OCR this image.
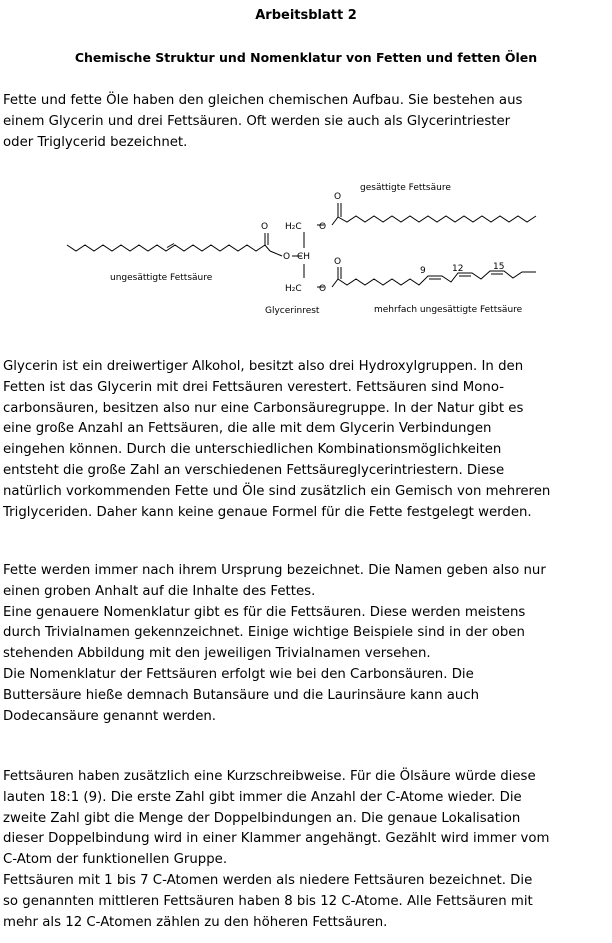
Arbeitsblatt 2
Chemische Struktur und Nomenklatur von Fetten und fetten Ölen

Fette und fette Öle haben den gleichen chemischen Aufbau. Sie bestehen aus
einem Glycerin und drei Fettsäuren. Oft werden sie auch als Glycerintriester
oder Triglycerid bezeichnet.

O
O
H₂C O
CH
H₂C O
O
O
9	12	15
gesättigte Fettsäure
ungesättigte Fettsäure
Glycerinrest	mehrfach ungesättigte Fettsäure

Glycerin ist ein dreiwertiger Alkohol, besitzt also drei Hydroxylgruppen. In den
Fetten ist das Glycerin mit drei Fettsäuren verestert. Fettsäuren sind Mono-
carbonsäuren, besitzen also nur eine Carbonsäuregruppe. In der Natur gibt es
eine große Anzahl an Fettsäuren, die alle mit dem Glycerin Verbindungen
eingehen können. Durch die unterschiedlichen Kombinationsmöglichkeiten
entsteht die große Zahl an verschiedenen Fettsäureglycerintriestern. Diese
natürlich vorkommenden Fette und Öle sind zusätzlich ein Gemisch von mehreren
Triglyceriden. Daher kann keine genaue Formel für die Fette festgelegt werden.

Fette werden immer nach ihrem Ursprung bezeichnet. Die Namen geben also nur
einen groben Anhalt auf die Inhalte des Fettes.
Eine genauere Nomenklatur gibt es für die Fettsäuren. Diese werden meistens
durch Trivialnamen gekennzeichnet. Einige wichtige Beispiele sind in der oben
stehenden Abbildung mit den jeweiligen Trivialnamen versehen.
Die Nomenklatur der Fettsäuren erfolgt wie bei den Carbonsäuren. Die
Buttersäure hieße demnach Butansäure und die Laurinsäure kann auch
Dodecansäure genannt werden.

Fettsäuren haben zusätzlich eine Kurzschreibweise. Für die Ölsäure würde diese
lauten 18:1 (9). Die erste Zahl gibt immer die Anzahl der C-Atome wieder. Die
zweite Zahl gibt die Menge der Doppelbindungen an. Die genaue Lokalisation
dieser Doppelbindung wird in einer Klammer angehängt. Gezählt wird immer vom
C-Atom der funktionellen Gruppe.
Fettsäuren mit 1 bis 7 C-Atomen werden als niedere Fettsäuren bezeichnet. Die
so genannten mittleren Fettsäuren haben 8 bis 12 C-Atome. Alle Fettsäuren mit
mehr als 12 C-Atomen zählen zu den höheren Fettsäuren.
